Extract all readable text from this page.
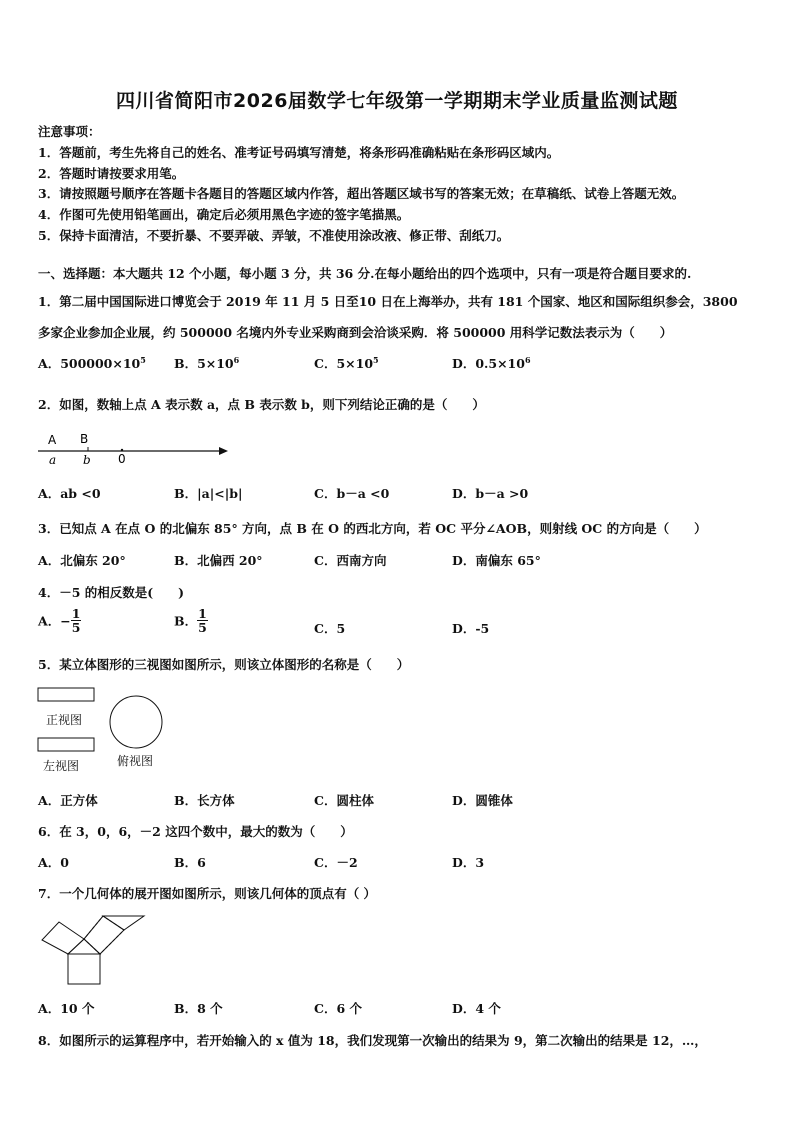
四川省简阳市2026届数学七年级第一学期期末学业质量监测试题
注意事项：
1．答题前，考生先将自己的姓名、准考证号码填写清楚，将条形码准确粘贴在条形码区域内。
2．答题时请按要求用笔。
3．请按照题号顺序在答题卡各题目的答题区域内作答，超出答题区域书写的答案无效；在草稿纸、试卷上答题无效。
4．作图可先使用铅笔画出，确定后必须用黑色字迹的签字笔描黑。
5．保持卡面清洁，不要折暴、不要弄破、弄皱，不准使用涂改液、修正带、刮纸刀。
一、选择题：本大题共 12 个小题，每小题 3 分，共 36 分.在每小题给出的四个选项中，只有一项是符合题目要求的.
1．第二届中国国际进口博览会于 2019 年 11 月 5 日至10 日在上海举办，共有 181 个国家、地区和国际组织参会，3800
多家企业参加企业展，约 500000 名境内外专业采购商到会洽谈采购．将 500000 用科学记数法表示为（　　）
A．$500000\times 10^5$ B．$5\times 10^6$	C．$5\times 10^5$	D．$0.5\times 10^6$
2．如图，数轴上点 A 表示数 a，点 B 表示数 b，则下列结论正确的是（　　）
A B
a b 0
A．ab <0	B．|a|<|b|	C．b－a <0	D．b－a >0
3．已知点 A 在点 O 的北偏东 85° 方向，点 B 在 O 的西北方向，若 OC 平分∠AOB，则射线 OC 的方向是（　　）
A．北偏东 20°	B．北偏西 20°	C．西南方向	D．南偏东 65°
4．－5 的相反数是(　　)
A．− $\frac{1}{5}$	B． $\frac{1}{5}$	C．5	D．-5
5．某立体图形的三视图如图所示，则该立体图形的名称是（　　）
正视图
左视图	俯视图
A．正方体	B．长方体	C．圆柱体	D．圆锥体
6．在 3，0，6，－2 这四个数中，最大的数为（　　）
A．0	B．6	C．－2	D．3
7．一个几何体的展开图如图所示，则该几何体的顶点有（ ）
A．10 个	B．8 个	C．6 个	D．4 个
8．如图所示的运算程序中，若开始输入的 x 值为 18，我们发现第一次输出的结果为 9，第二次输出的结果是 12，…，
